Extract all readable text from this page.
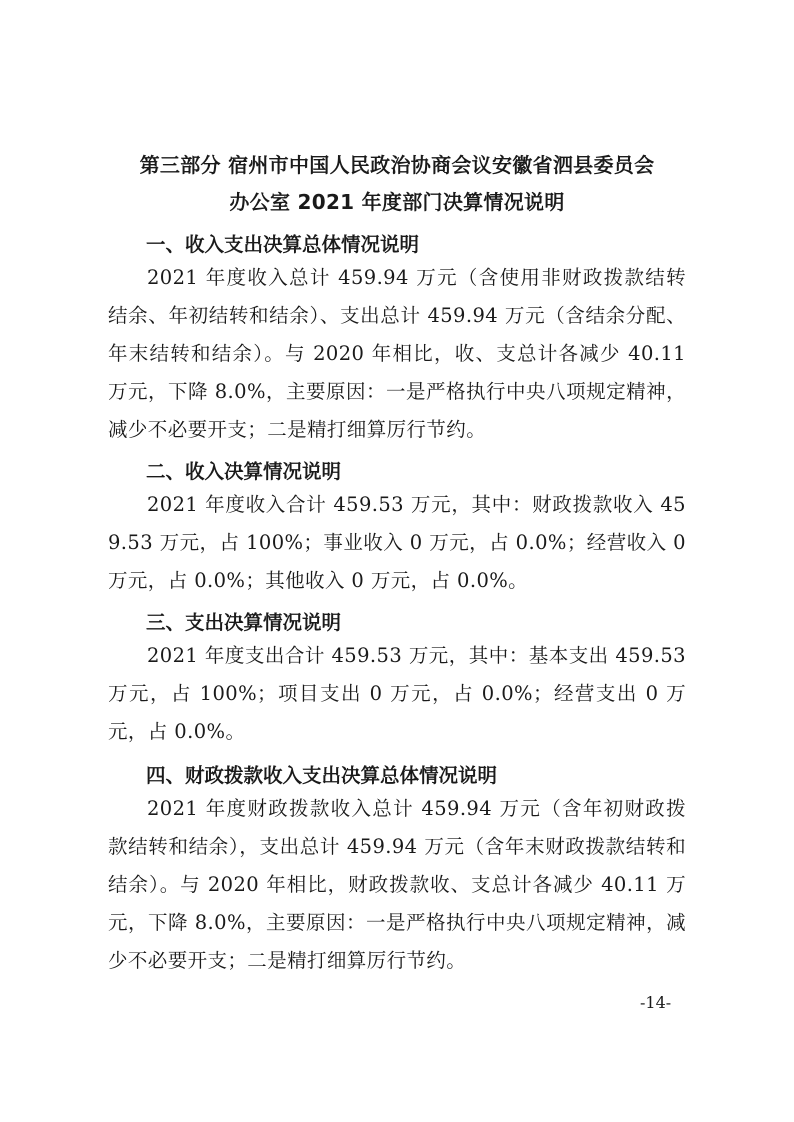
第三部分 宿州市中国人民政治协商会议安徽省泗县委员会
办公室 2021 年度部门决算情况说明
一、收入支出决算总体情况说明

2021 年度收入总计 459.94 万元（含使用非财政拨款结转结余、年初结转和结余）、支出总计 459.94 万元（含结余分配、年末结转和结余）。与 2020 年相比，收、支总计各减少 40.11 万元，下降 8.0%，主要原因：一是严格执行中央八项规定精神，减少不必要开支；二是精打细算厉行节约。

二、收入决算情况说明

2021 年度收入合计 459.53 万元，其中：财政拨款收入 459.53 万元，占 100%；事业收入 0 万元，占 0.0%；经营收入 0 万元，占 0.0%；其他收入 0 万元，占 0.0%。

三、支出决算情况说明

2021 年度支出合计 459.53 万元，其中：基本支出 459.53 万元，占 100%；项目支出 0 万元，占 0.0%；经营支出 0 万元，占 0.0%。

四、财政拨款收入支出决算总体情况说明

2021 年度财政拨款收入总计 459.94 万元（含年初财政拨款结转和结余），支出总计 459.94 万元（含年末财政拨款结转和结余）。与 2020 年相比，财政拨款收、支总计各减少 40.11 万元，下降 8.0%，主要原因：一是严格执行中央八项规定精神，减少不必要开支；二是精打细算厉行节约。

-14-
